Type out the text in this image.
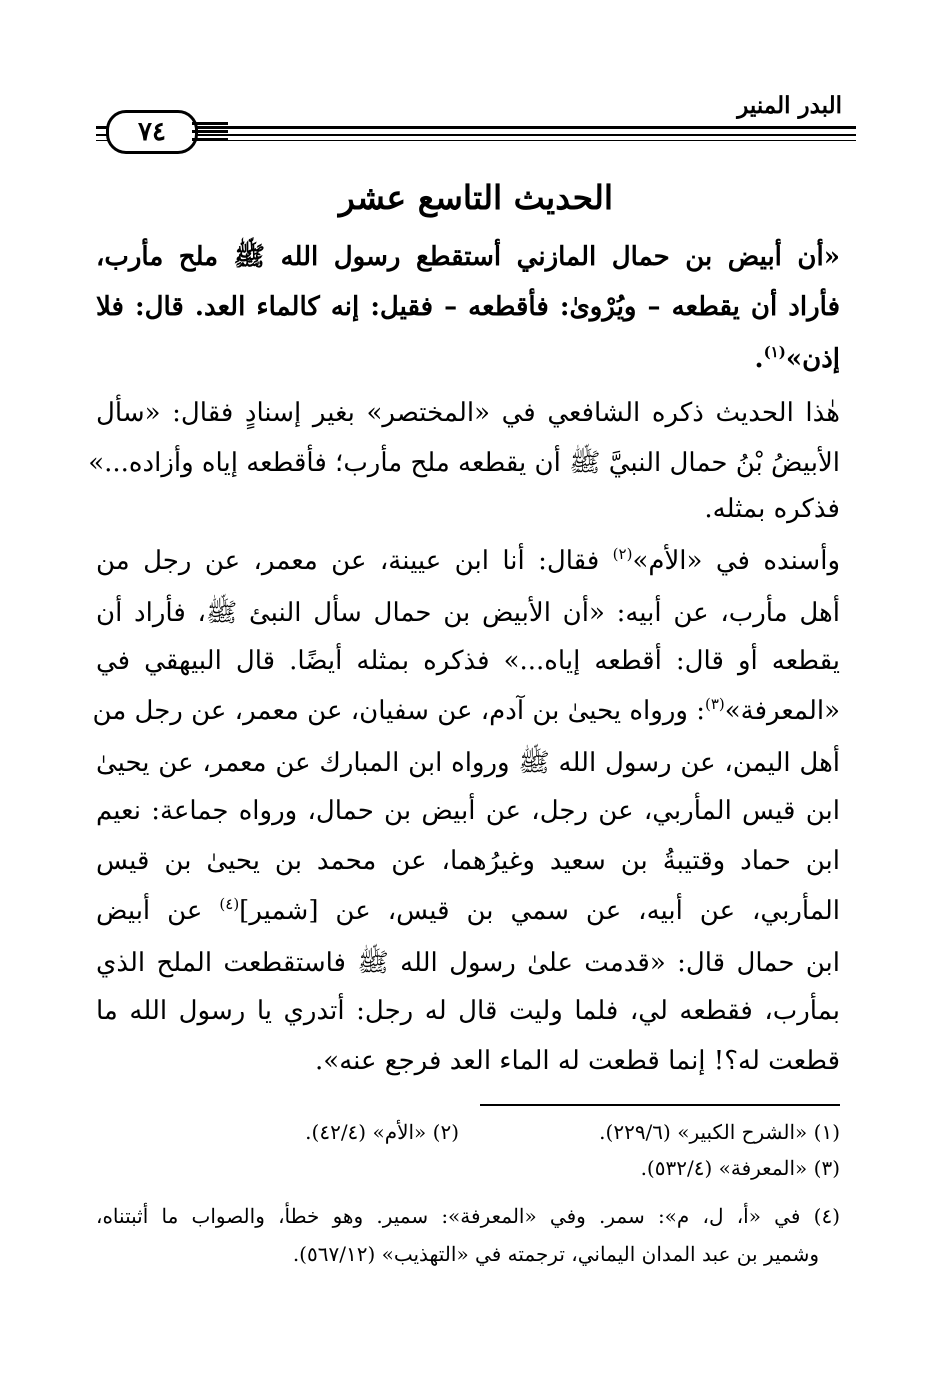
البدر المنير
٧٤
الحديث التاسع عشر
«أن أبيض بن حمال المازني أستقطع رسول الله ﷺ ملح مأرب،
فأراد أن يقطعه – ويُرْوىٰ: فأقطعه – فقيل: إنه كالماء العد. قال: فلا
إذن»$^{(١)}$.
هٰذا الحديث ذكره الشافعي في «المختصر» بغير إسنادٍ فقال: «سأل
الأبيضُ بْنُ حمال النبيَّ ﷺ أن يقطعه ملح مأرب؛ فأقطعه إياه وأزاده...»
فذكره بمثله.
وأسنده في «الأم»$^{(٢)}$ فقال: أنا ابن عيينة، عن معمر، عن رجل من
أهل مأرب، عن أبيه: «أن الأبيض بن حمال سأل النبئ ﷺ، فأراد أن
يقطعه أو قال: أقطعه إياه...» فذكره بمثله أيضًا. قال البيهقي في
«المعرفة»$^{(٣)}$: ورواه يحيىٰ بن آدم، عن سفيان، عن معمر، عن رجل من
أهل اليمن، عن رسول الله ﷺ ورواه ابن المبارك عن معمر، عن يحيىٰ
ابن قيس المأربي، عن رجل، عن أبيض بن حمال، ورواه جماعة: نعيم
ابن حماد وقتيبةُ بن سعيد وغيرُهما، عن محمد بن يحيىٰ بن قيس
المأربي، عن أبيه، عن سمي بن قيس، عن [شمير]$^{(٤)}$ عن أبيض
ابن حمال قال: «قدمت علىٰ رسول الله ﷺ فاستقطعت الملح الذي
بمأرب، فقطعه لي، فلما وليت قال له رجل: أتدري يا رسول الله ما
قطعت له؟! إنما قطعت له الماء العد فرجع عنه».
(١) «الشرح الكبير» (٢٢٩/٦).
(٢) «الأم» (٤٢/٤).
(٣) «المعرفة» (٥٣٢/٤).
(٤) في «أ، ل، م»: سمر. وفي «المعرفة»: سمير. وهو خطأ، والصواب ما أثبتناه،
وشمير بن عبد المدان اليماني، ترجمته في «التهذيب» (٥٦٧/١٢).
